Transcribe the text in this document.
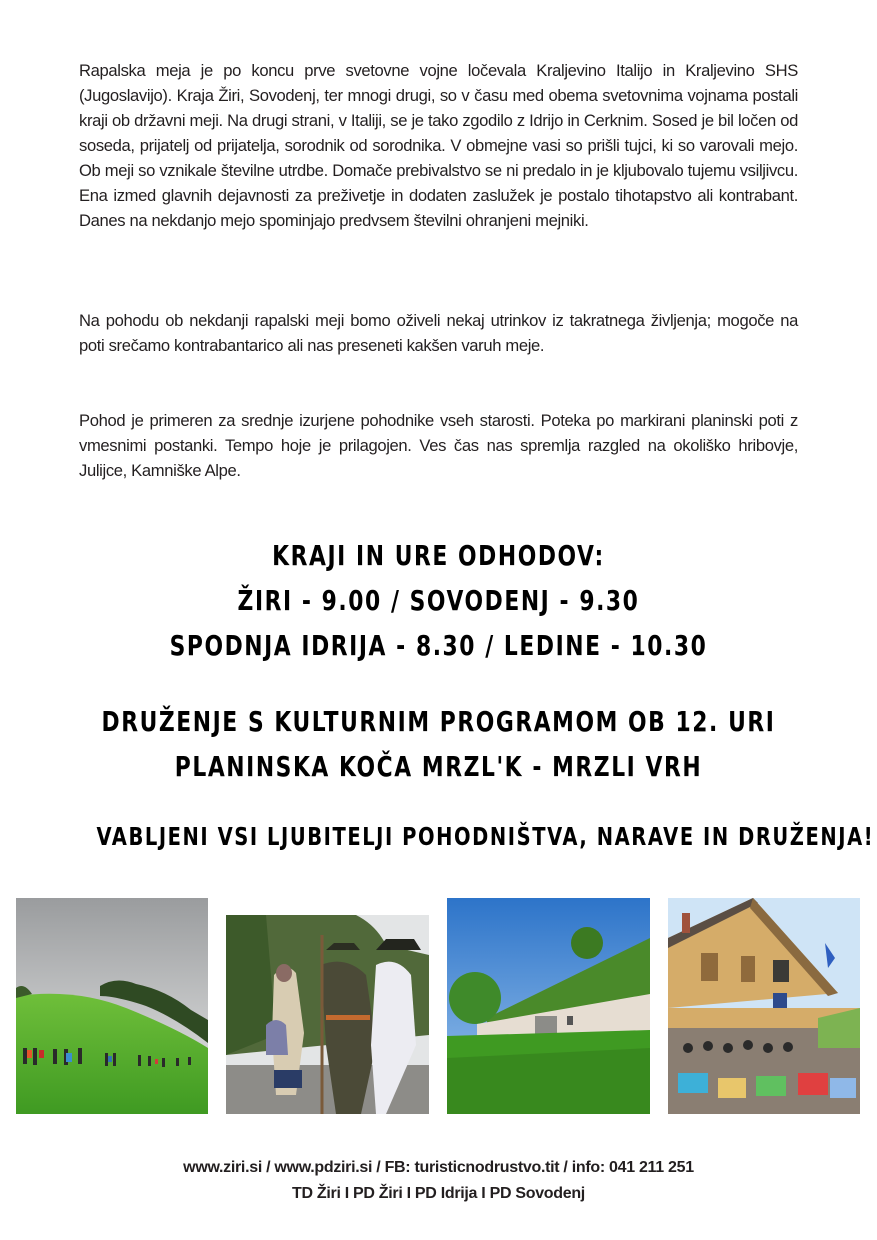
Rapalska meja je po koncu prve svetovne vojne ločevala Kraljevino Italijo in Kraljevino SHS (Jugoslavijo). Kraja Žiri, Sovodenj, ter mnogi drugi, so v času med obema svetovnima vojnama postali kraji ob državni meji. Na drugi strani, v Italiji, se je tako zgodilo z Idrijo in Cerknim. Sosed je bil ločen od soseda, prijatelj od prijatelja, sorodnik od sorodnika. V obmejne vasi so prišli tujci, ki so varovali mejo. Ob meji so vznikale številne utrdbe. Domače prebivalstvo se ni predalo in je kljubovalo tujemu vsiljivcu. Ena izmed glavnih dejavnosti za preživetje in dodaten zaslužek je postalo tihotapstvo ali kontrabant. Danes na nekdanjo mejo spominjajo predvsem številni ohranjeni mejniki.

Na pohodu ob nekdanji rapalski meji bomo oživeli nekaj utrinkov iz takratnega življenja; mogoče na poti srečamo kontrabantarico ali nas preseneti kakšen varuh meje.

Pohod je primeren za srednje izurjene pohodnike vseh starosti. Poteka po markirani planinski poti z vmesnimi postanki. Tempo hoje je prilagojen. Ves čas nas spremlja razgled na okoliško hribovje, Julijce, Kamniške Alpe.

KRAJI IN URE ODHODOV:
ŽIRI - 9.00 / SOVODENJ - 9.30
SPODNJA IDRIJA - 8.30 / LEDINE - 10.30
DRUŽENJE S KULTURNIM PROGRAMOM OB 12. URI
PLANINSKA KOČA MRZL'K - MRZLI VRH
VABLJENI VSI LJUBITELJI POHODNIŠTVA, NARAVE IN DRUŽENJA!
www.ziri.si / www.pdziri.si / FB: turisticnodrustvo.tit / info: 041 211 251
TD Žiri I PD Žiri I PD Idrija I PD Sovodenj
